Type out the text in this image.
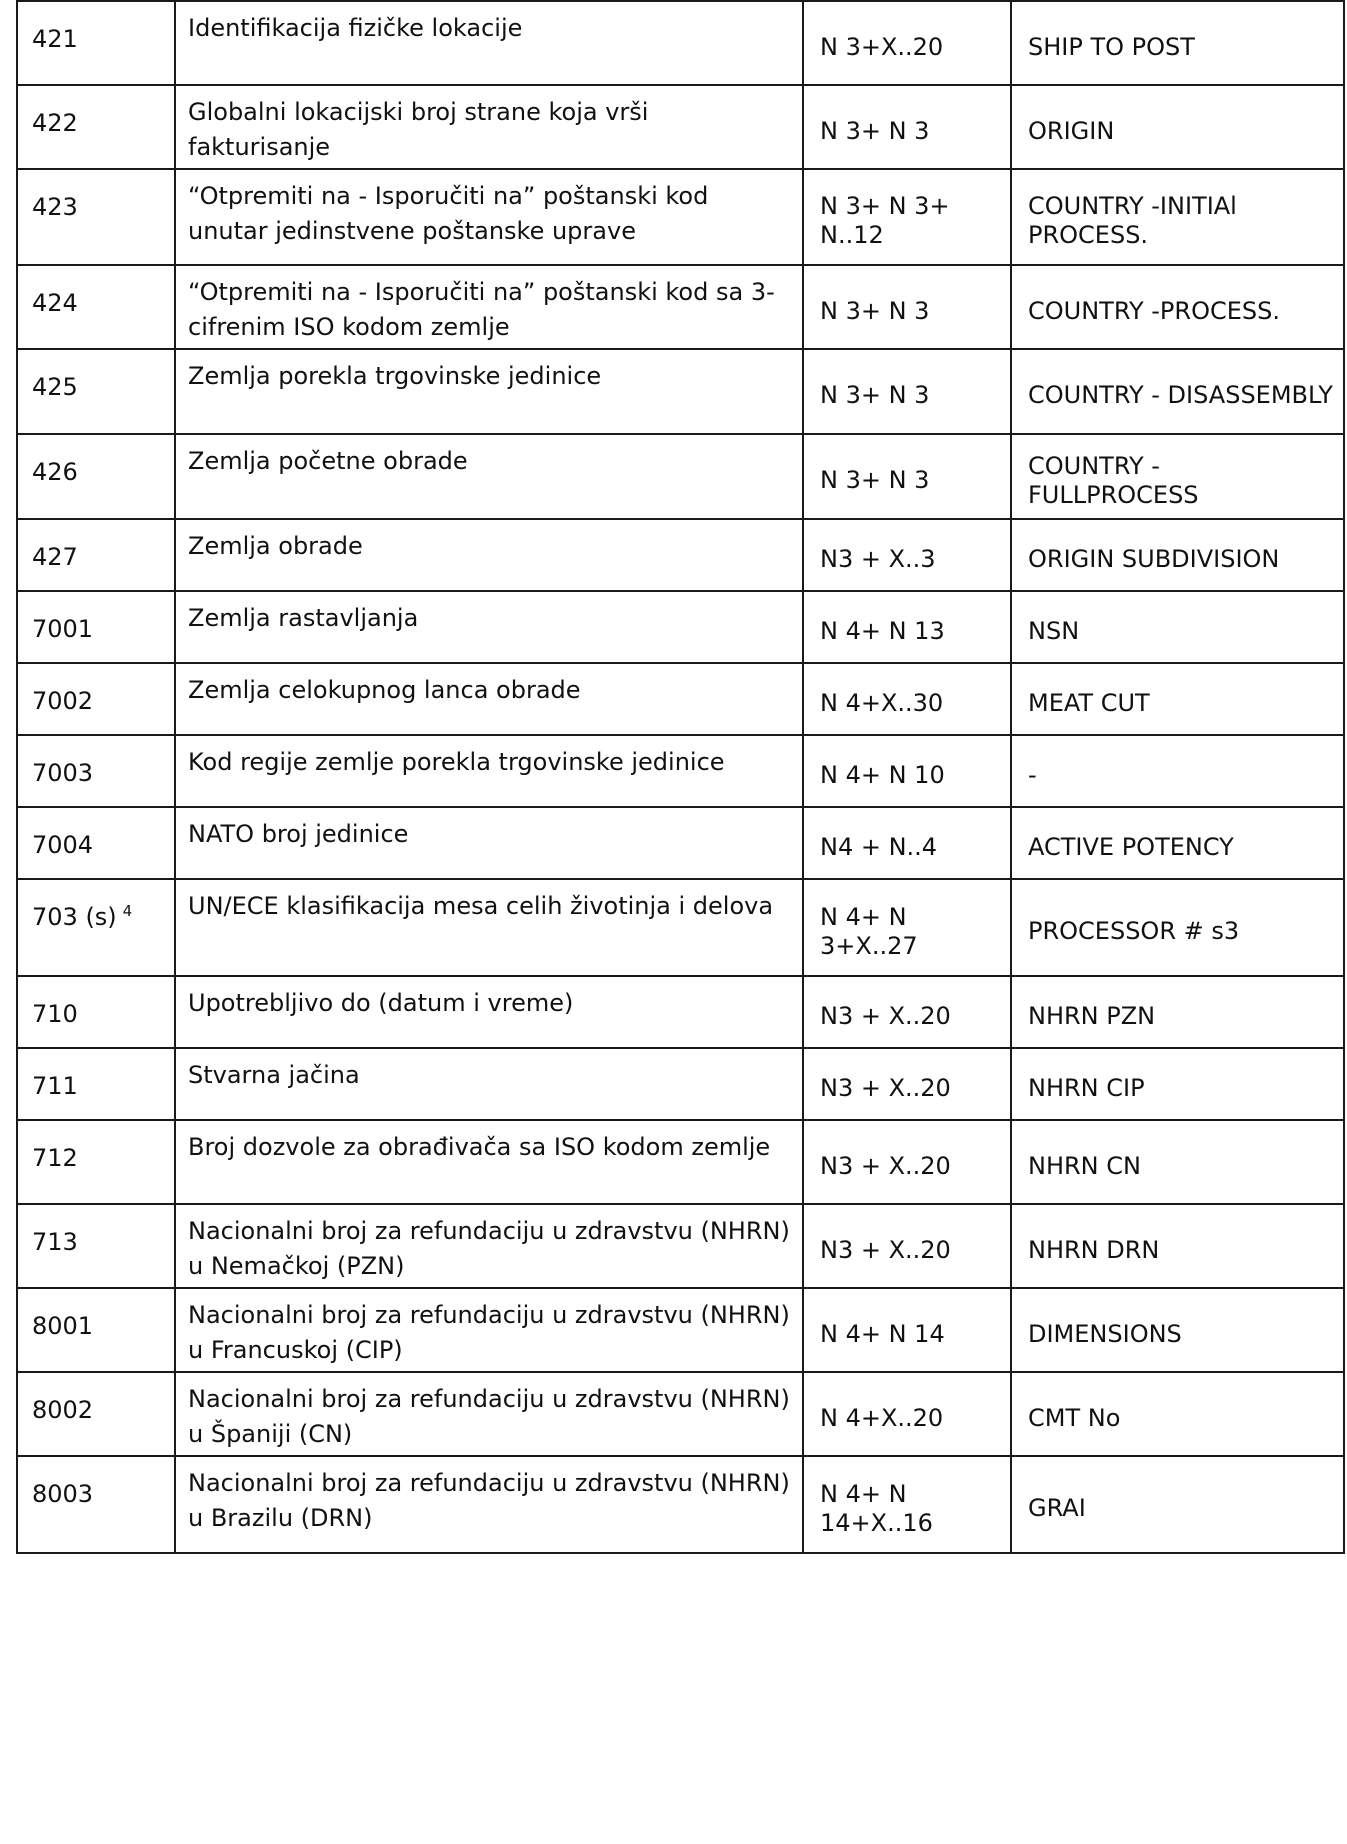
421	Identifikacija fizičke lokacije	N 3+X..20	SHIP TO POST
422	Globalni lokacijski broj strane koja vrši fakturisanje	N 3+ N 3	ORIGIN
423	“Otpremiti na - Isporučiti na” poštanski kod unutar jedinstvene poštanske uprave	N 3+ N 3+ N..12	COUNTRY -INITIAl PROCESS.
424	“Otpremiti na - Isporučiti na” poštanski kod sa 3-cifrenim ISO kodom zemlje	N 3+ N 3	COUNTRY -PROCESS.
425	Zemlja porekla trgovinske jedinice	N 3+ N 3	COUNTRY - DISASSEMBLY
426	Zemlja početne obrade	N 3+ N 3	COUNTRY - FULLPROCESS
427	Zemlja obrade	N3 + X..3	ORIGIN SUBDIVISION
7001	Zemlja rastavljanja	N 4+ N 13	NSN
7002	Zemlja celokupnog lanca obrade	N 4+X..30	MEAT CUT
7003	Kod regije zemlje porekla trgovinske jedinice	N 4+ N 10	-
7004	NATO broj jedinice	N4 + N..4	ACTIVE POTENCY
703 (s) $^4$	UN/ECE klasifikacija mesa celih životinja i delova	N 4+ N 3+X..27	PROCESSOR # s3
710	Upotrebljivo do (datum i vreme)	N3 + X..20	NHRN PZN
711	Stvarna jačina	N3 + X..20	NHRN CIP
712	Broj dozvole za obrađivača sa ISO kodom zemlje	N3 + X..20	NHRN CN
713	Nacionalni broj za refundaciju u zdravstvu (NHRN) u Nemačkoj (PZN)	N3 + X..20	NHRN DRN
8001	Nacionalni broj za refundaciju u zdravstvu (NHRN) u Francuskoj (CIP)	N 4+ N 14	DIMENSIONS
8002	Nacionalni broj za refundaciju u zdravstvu (NHRN) u Španiji (CN)	N 4+X..20	CMT No
8003	Nacionalni broj za refundaciju u zdravstvu (NHRN) u Brazilu (DRN)	N 4+ N 14+X..16	GRAI
